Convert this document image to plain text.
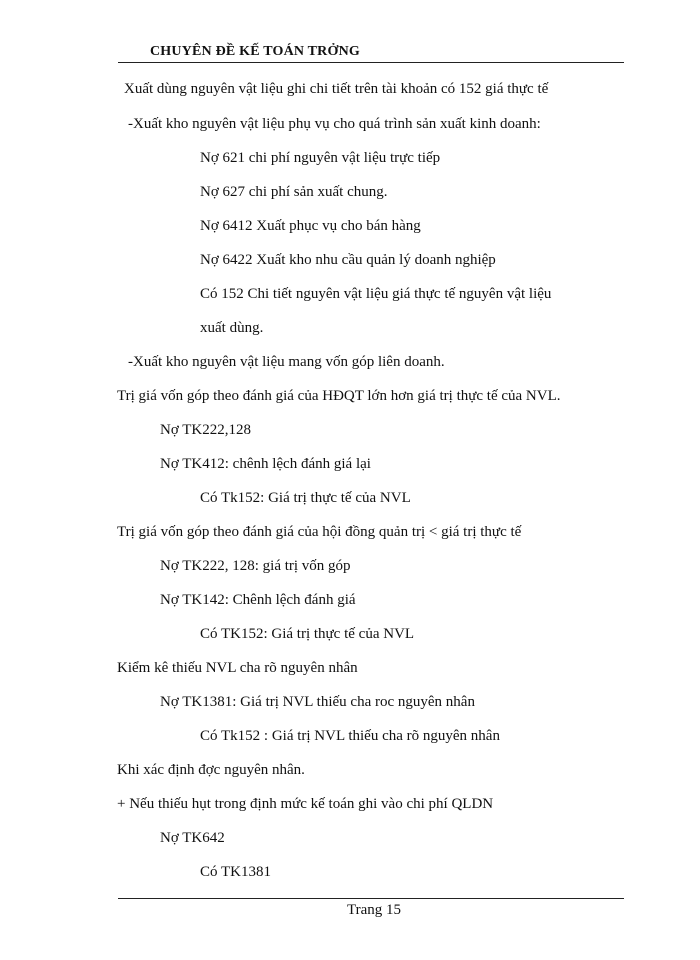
CHUYÊN ĐỀ KẾ TOÁN TRỞNG
Xuất dùng nguyên vật liệu ghi chi tiết trên tài khoản có 152 giá thực tế
-Xuất kho nguyên vật liệu phụ vụ cho quá trình sản xuất kinh doanh:
Nợ 621 chi phí nguyên vật liệu trực tiếp
Nợ 627 chi phí sản xuất chung.
Nợ 6412 Xuất phục vụ cho bán hàng
Nợ 6422 Xuất kho nhu cầu quản lý doanh nghiệp
Có 152 Chi tiết nguyên vật liệu giá thực tế nguyên vật liệu
xuất dùng.
-Xuất kho nguyên vật liệu mang vốn góp liên doanh.
Trị giá vốn góp theo đánh giá của HĐQT lớn hơn giá trị thực tế của NVL.
Nợ TK222,128
Nợ TK412: chênh lệch đánh giá lại
Có Tk152: Giá trị thực tế của NVL
Trị giá vốn góp theo đánh giá của hội đồng quản trị < giá trị thực tế
Nợ TK222, 128: giá trị vốn góp
Nợ TK142: Chênh lệch đánh giá
Có TK152: Giá trị thực tế của NVL
Kiểm kê thiếu NVL cha rõ nguyên nhân
Nợ TK1381: Giá trị NVL thiếu cha roc nguyên nhân
Có Tk152 : Giá trị NVL thiếu cha rõ nguyên nhân
Khi xác định đợc nguyên nhân.
+ Nếu thiếu hụt trong định mức kế toán ghi vào chi phí QLDN
Nợ TK642
Có TK1381
Trang 15
